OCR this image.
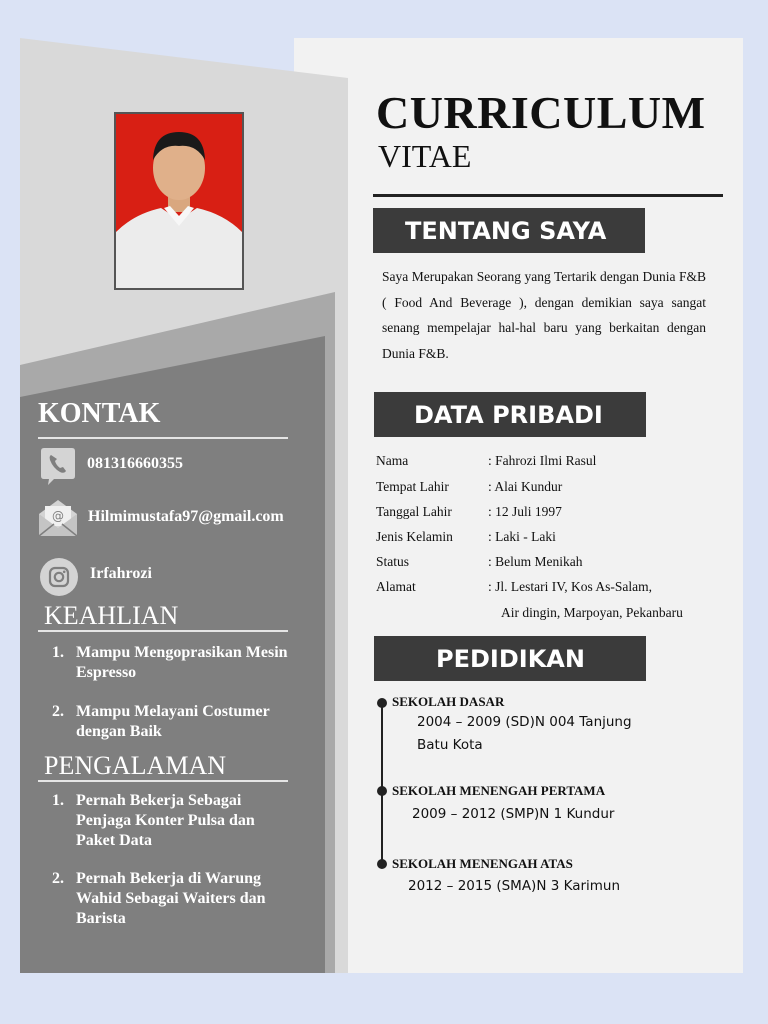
CURRICULUM
VITAE
TENTANG SAYA
Saya Merupakan Seorang yang Tertarik dengan Dunia F&B ( Food And Beverage ), dengan demikian saya sangat senang mempelajar hal-hal baru yang berkaitan dengan Dunia F&B.
DATA PRIBADI
Nama	: Fahrozi Ilmi Rasul
Tempat Lahir	: Alai Kundur
Tanggal Lahir	: 12 Juli 1997
Jenis Kelamin	: Laki - Laki
Status	: Belum Menikah
Alamat	: Jl. Lestari IV, Kos As-Salam,
Air dingin, Marpoyan, Pekanbaru
PEDIDIKAN
SEKOLAH DASAR
2004 – 2009 (SD)N 004 Tanjung
Batu Kota
SEKOLAH MENENGAH PERTAMA
2009 – 2012 (SMP)N 1 Kundur
SEKOLAH MENENGAH ATAS
2012 – 2015 (SMA)N 3 Karimun
KONTAK
081316660355
@ Hilmimustafa97@gmail.com
Irfahrozi
KEAHLIAN
1. Mampu Mengoprasikan Mesin Espresso
2. Mampu Melayani Costumer dengan Baik
PENGALAMAN
1. Pernah Bekerja Sebagai Penjaga Konter Pulsa dan Paket Data
2. Pernah Bekerja di Warung Wahid Sebagai Waiters dan Barista
